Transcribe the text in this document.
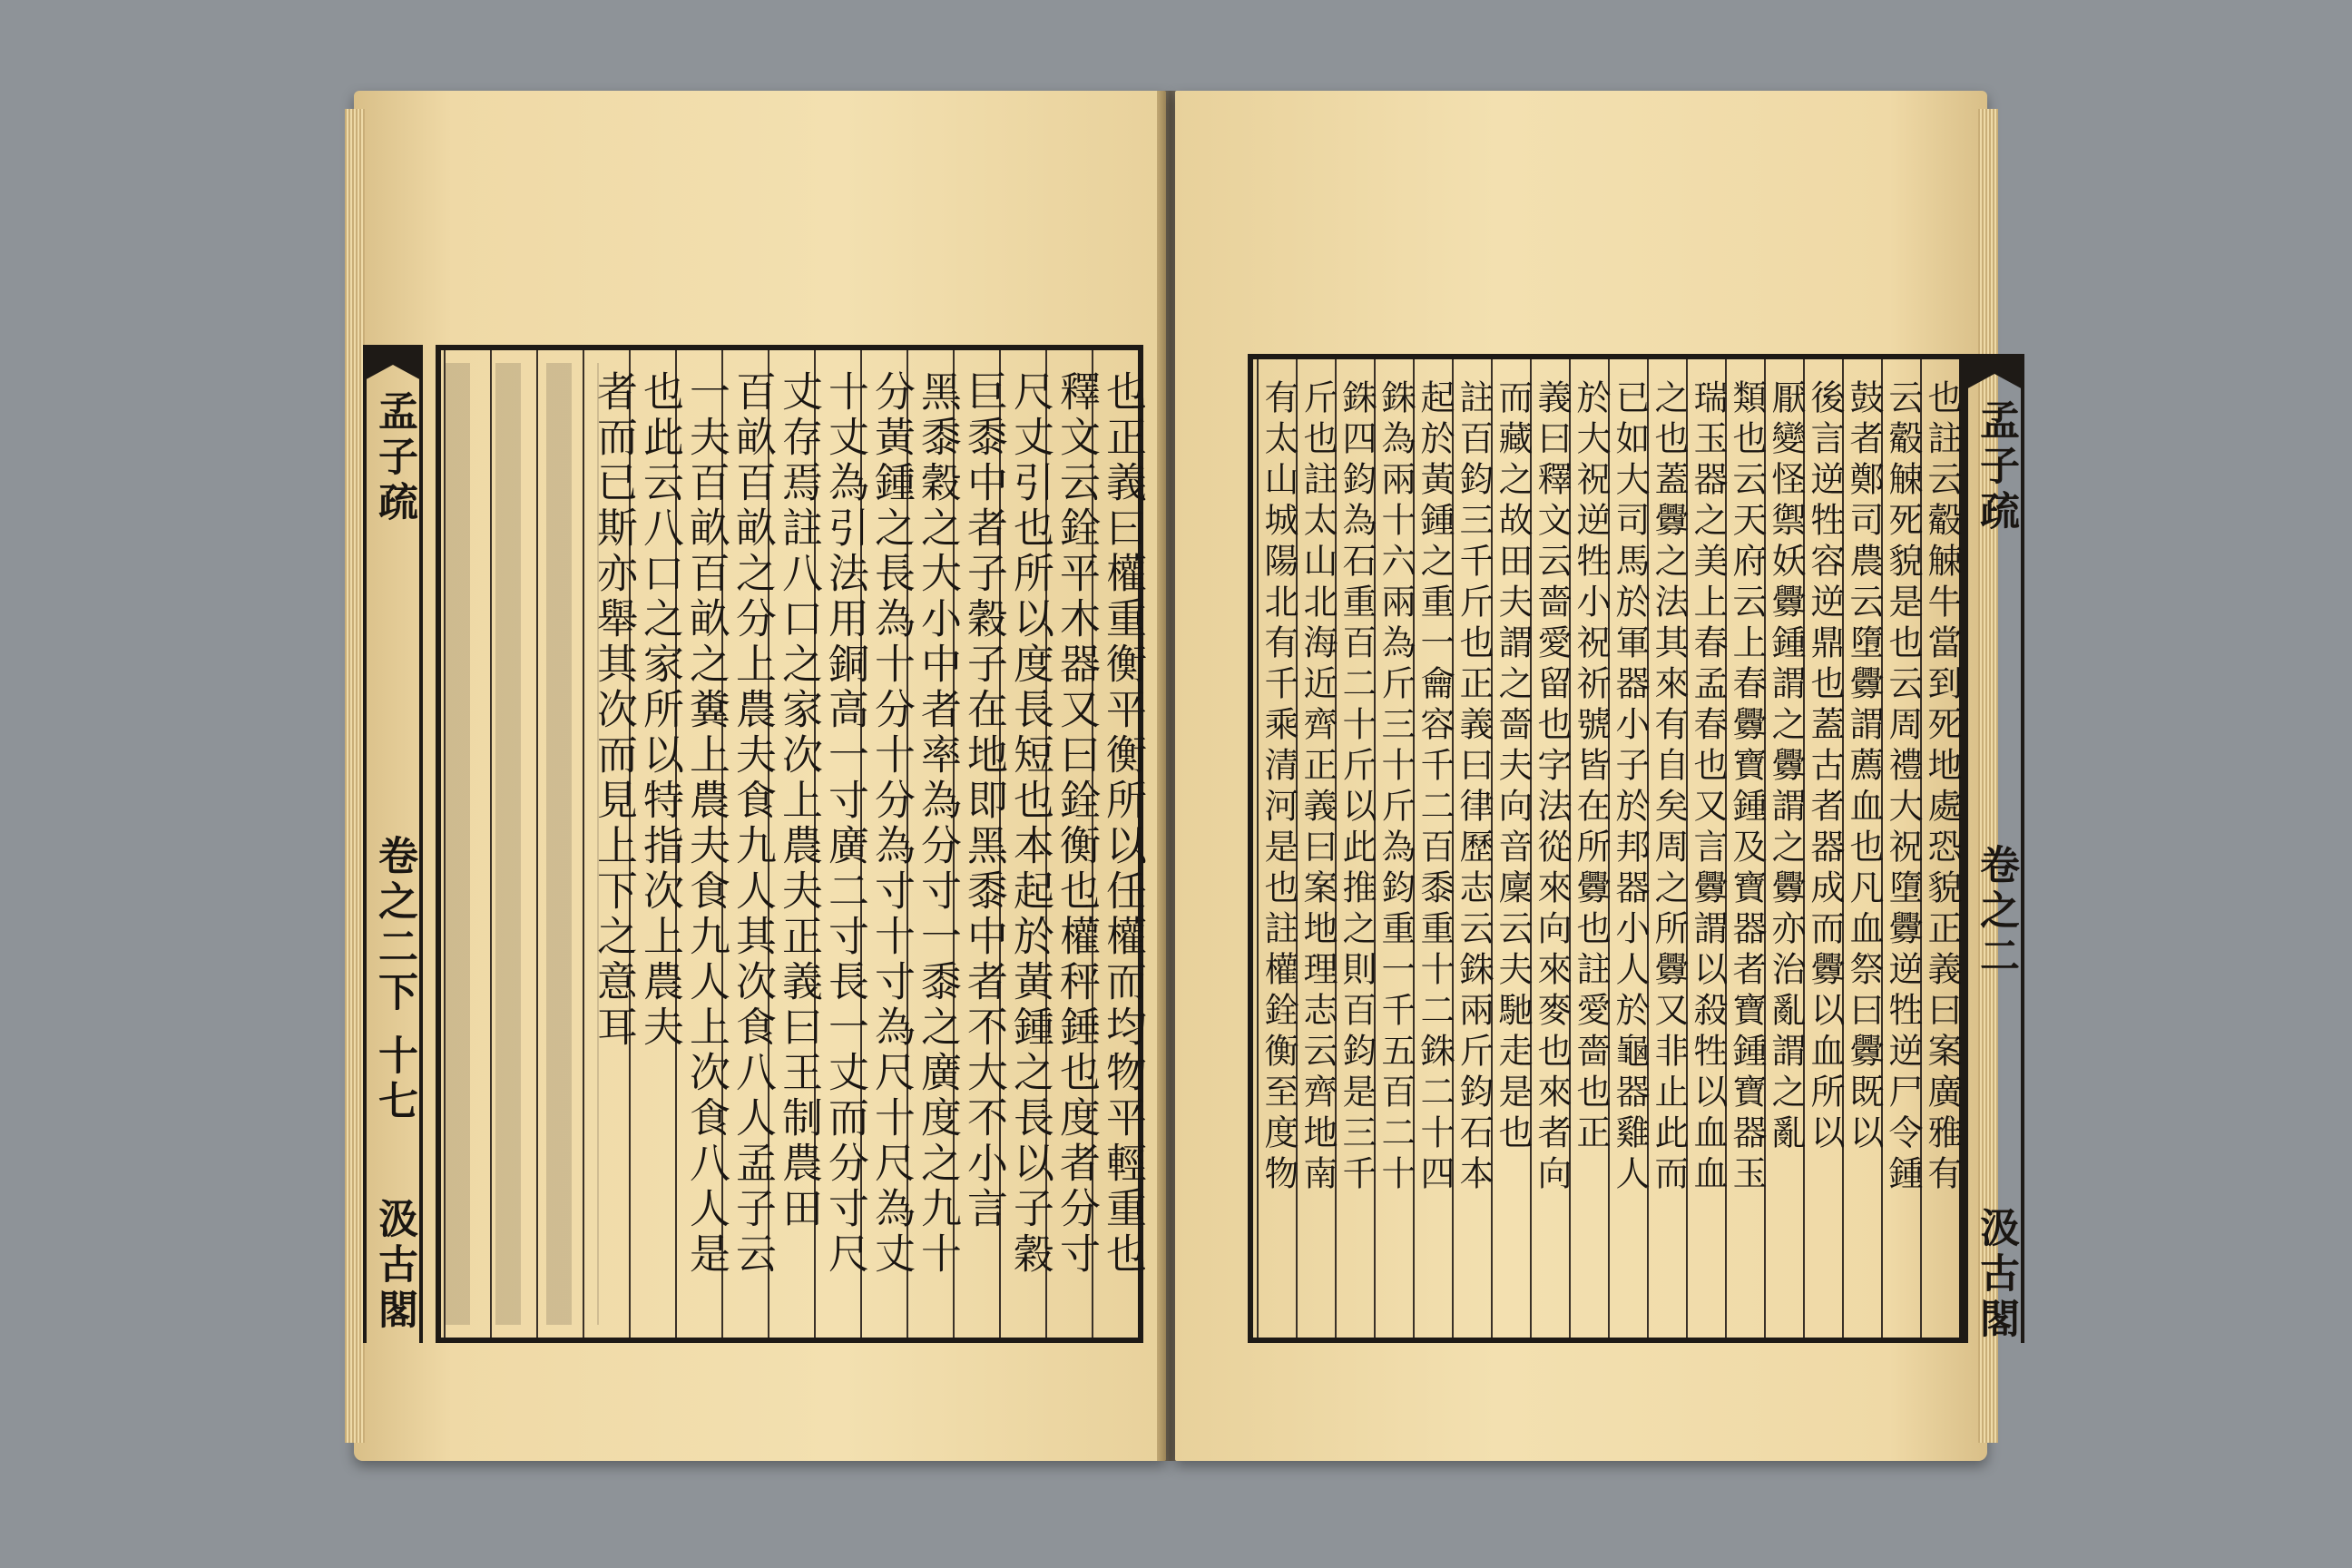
孟子疏
卷之二下
十七
汲古閣	也正義曰權重衡平衡所以任權而均物平輕重也
釋文云銓平木器又曰銓衡也權秤錘也度者分寸
尺丈引也所以度長短也本起於黃鍾之長以子穀
巨黍中者子穀子在地即黑黍中者不大不小言
黑黍穀之大小中者率為分寸一黍之廣度之九十
分黃鍾之長為十分十分為寸十寸為尺十尺為丈
十丈為引法用銅高一寸廣二寸長一丈而分寸尺
丈存焉註八口之家次上農夫正義曰王制農田
百畝百畝之分上農夫食九人其次食八人孟子云
一夫百畝百畝之糞上農夫食九人上次食八人是
也此云八口之家所以特指次上農夫
者而已斯亦舉其次而見上下之意耳	也註云觳觫牛當到死地處恐貌正義曰案廣雅有
云觳觫死貌是也云周禮大祝墮釁逆牲逆尸令鍾
鼓者鄭司農云墮釁謂薦血也凡血祭曰釁既以
後言逆牲容逆鼎也蓋古者器成而釁以血所以
厭變怪禦妖釁鍾謂之釁謂之釁亦治亂謂之亂
類也云天府云上春釁寶鍾及寶器者寶鍾寶器玉
瑞玉器之美上春孟春也又言釁謂以殺牲以血血
之也蓋釁之法其來有自矣周之所釁又非止此而
已如大司馬於軍器小子於邦器小人於龜器雞人
於大祝逆牲小祝祈號皆在所釁也註愛嗇也正
義曰釋文云嗇愛留也字法從來向來麥也來者向
而藏之故田夫謂之嗇夫向音廩云夫馳走是也
註百鈞三千斤也正義曰律歷志云銖兩斤鈞石本
起於黃鍾之重一龠容千二百黍重十二銖二十四
銖為兩十六兩為斤三十斤為鈞重一千五百二十
銖四鈞為石重百二十斤以此推之則百鈞是三千
斤也註太山北海近齊正義曰案地理志云齊地南
有太山城陽北有千乘清河是也註權銓衡至度物	孟子疏
卷之二
汲古閣
